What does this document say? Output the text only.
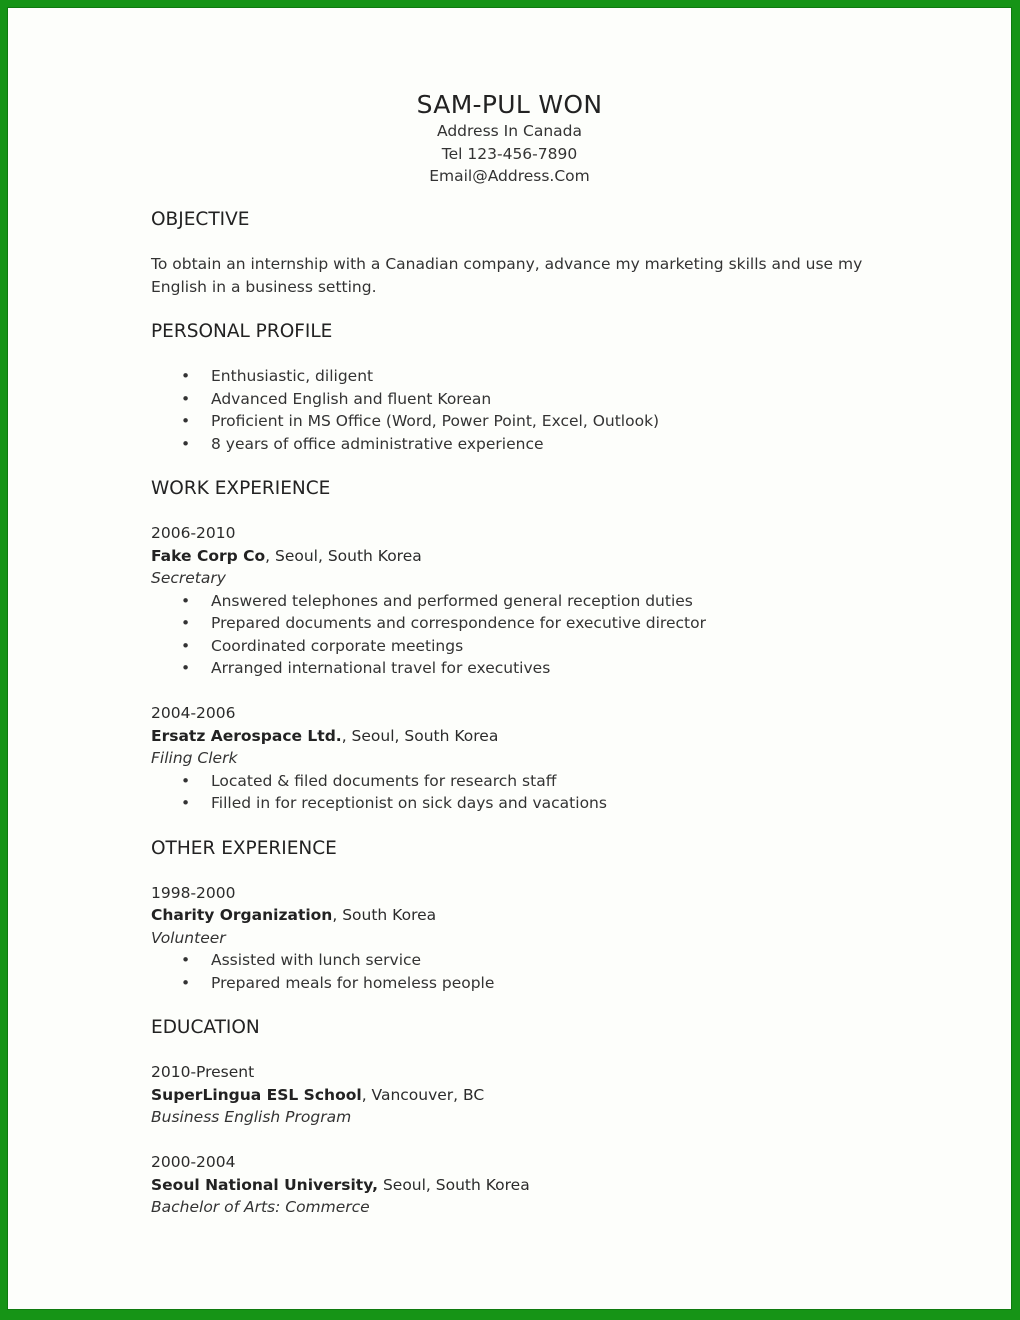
SAM-PUL WON
Address In Canada
Tel 123-456-7890
Email@Address.Com
OBJECTIVE
To obtain an internship with a Canadian company, advance my marketing skills and use my English in a business setting.
PERSONAL PROFILE
• Enthusiastic, diligent
• Advanced English and fluent Korean
• Proficient in MS Office (Word, Power Point, Excel, Outlook)
• 8 years of office administrative experience
WORK EXPERIENCE
2006-2010
Fake Corp Co, Seoul, South Korea
Secretary
• Answered telephones and performed general reception duties
• Prepared documents and correspondence for executive director
• Coordinated corporate meetings
• Arranged international travel for executives
2004-2006
Ersatz Aerospace Ltd., Seoul, South Korea
Filing Clerk
• Located & filed documents for research staff
• Filled in for receptionist on sick days and vacations
OTHER EXPERIENCE
1998-2000
Charity Organization, South Korea
Volunteer
• Assisted with lunch service
• Prepared meals for homeless people
EDUCATION
2010-Present
SuperLingua ESL School, Vancouver, BC
Business English Program
2000-2004
Seoul National University, Seoul, South Korea
Bachelor of Arts: Commerce
